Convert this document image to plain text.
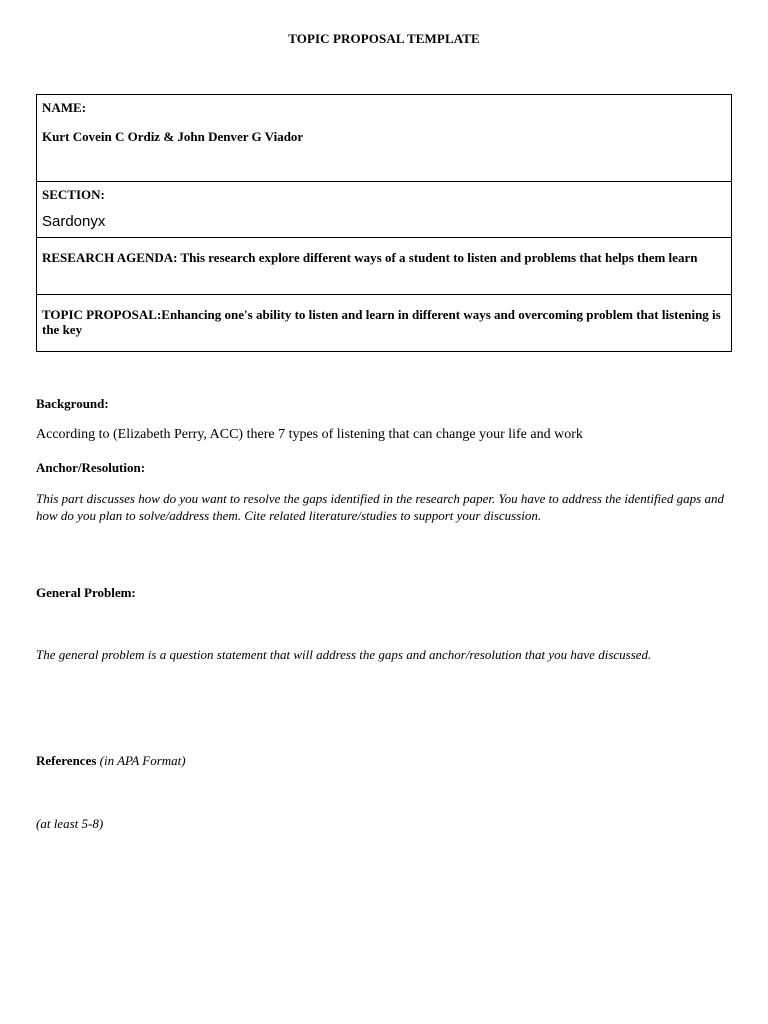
TOPIC PROPOSAL TEMPLATE
NAME:
Kurt Covein C Ordiz & John Denver G Viador

SECTION:
Sardonyx

RESEARCH AGENDA: This research explore different ways of a student to listen and problems that helps them learn

TOPIC PROPOSAL:Enhancing one's ability to listen and learn in different ways and overcoming problem that listening is the key
Background:
According to (Elizabeth Perry, ACC) there 7 types of listening that can change your life and work
Anchor/Resolution:
This part discusses how do you want to resolve the gaps identified in the research paper. You have to address the identified gaps and how do you plan to solve/address them. Cite related literature/studies to support your discussion.
General Problem:
The general problem is a question statement that will address the gaps and anchor/resolution that you have discussed.
References (in APA Format)
(at least 5-8)
